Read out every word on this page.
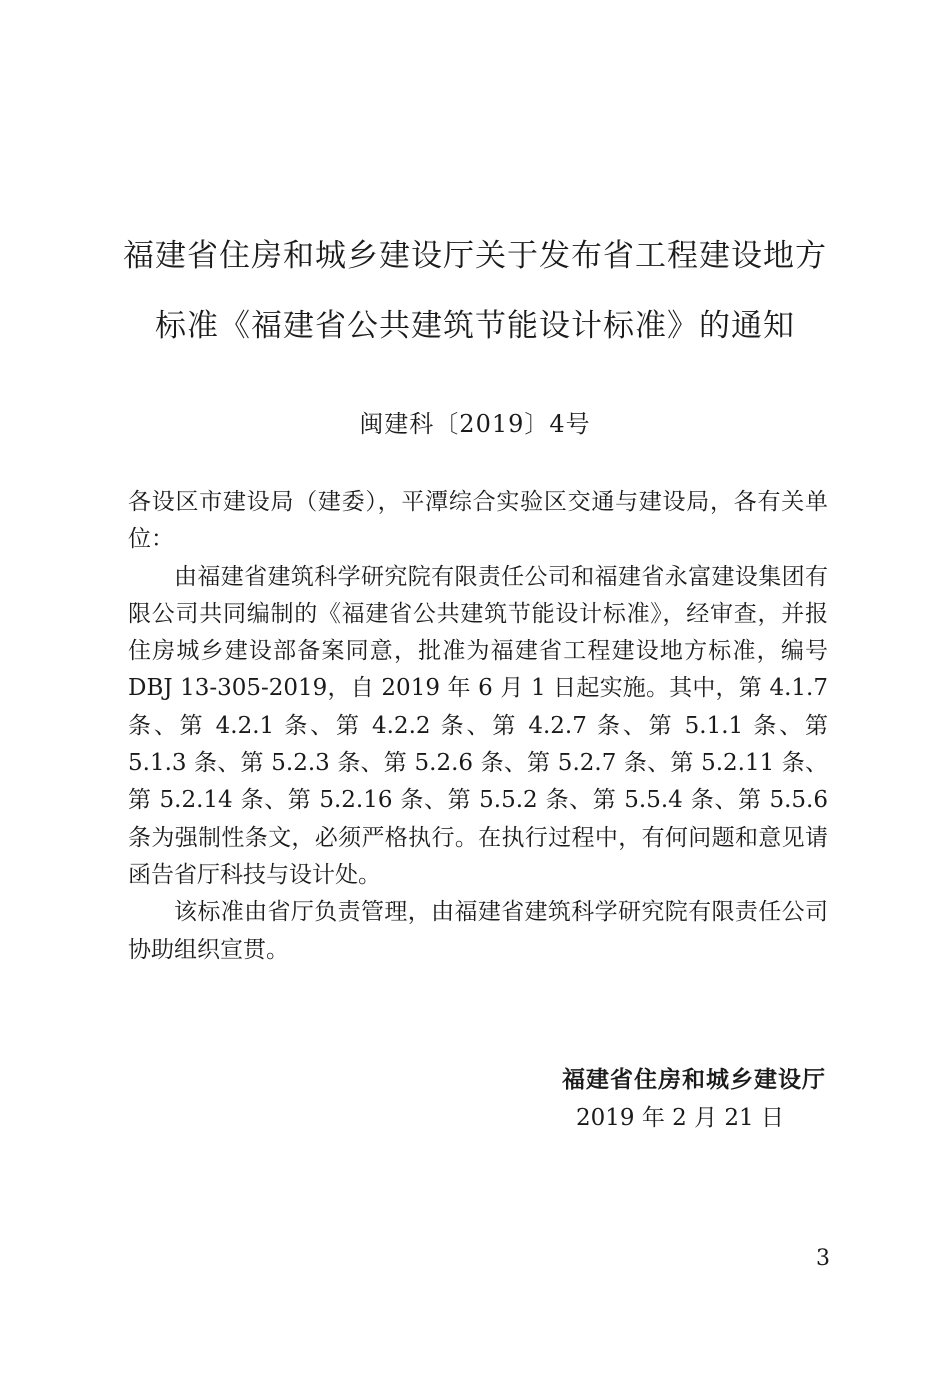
福建省住房和城乡建设厅关于发布省工程建设地方
标准《福建省公共建筑节能设计标准》的通知
闽建科〔2019〕4号

各设区市建设局（建委），平潭综合实验区交通与建设局，各有关单位：

由福建省建筑科学研究院有限责任公司和福建省永富建设集团有限公司共同编制的《福建省公共建筑节能设计标准》，经审查，并报住房城乡建设部备案同意，批准为福建省工程建设地方标准，编号 DBJ 13-305-2019，自 2019 年 6 月 1 日起实施。其中，第 4.1.7 条、第 4.2.1 条、第 4.2.2 条、第 4.2.7 条、第 5.1.1 条、第 5.1.3 条、第 5.2.3 条、第 5.2.6 条、第 5.2.7 条、第 5.2.11 条、第 5.2.14 条、第 5.2.16 条、第 5.5.2 条、第 5.5.4 条、第 5.5.6 条为强制性条文，必须严格执行。在执行过程中，有何问题和意见请函告省厅科技与设计处。

该标准由省厅负责管理，由福建省建筑科学研究院有限责任公司协助组织宣贯。

福建省住房和城乡建设厅
2019 年 2 月 21 日
3
